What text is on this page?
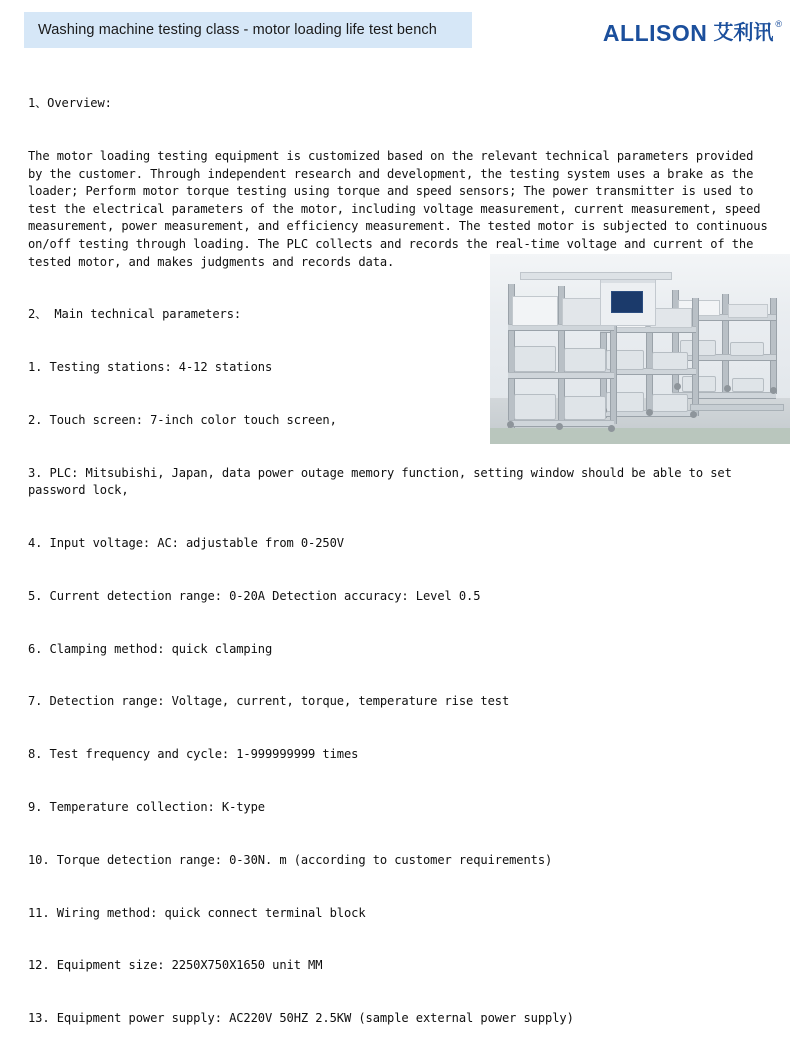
Washing machine testing class - motor loading life test bench	ALLISON 艾利讯 ®

1、Overview:

The motor loading testing equipment is customized based on the relevant technical parameters provided by the customer. Through independent research and development, the testing system uses a brake as the loader; Perform motor torque testing using torque and speed sensors; The power transmitter is used to test the electrical parameters of the motor, including voltage measurement, current measurement, speed measurement, power measurement, and efficiency measurement. The tested motor is subjected to continuous on/off testing through loading. The PLC collects and records the real-time voltage and current of the tested motor, and makes judgments and records data.

2、 Main technical parameters:

1. Testing stations: 4-12 stations

2. Touch screen: 7-inch color touch screen,

3. PLC: Mitsubishi, Japan, data power outage memory function, setting window should be able to set password lock,

4. Input voltage: AC: adjustable from 0-250V

5. Current detection range: 0-20A Detection accuracy: Level 0.5

6. Clamping method: quick clamping

7. Detection range: Voltage, current, torque, temperature rise test

8. Test frequency and cycle: 1-999999999 times

9. Temperature collection: K-type

10. Torque detection range: 0-30N. m (according to customer requirements)

11. Wiring method: quick connect terminal block

12. Equipment size: 2250X750X1650 unit MM

13. Equipment power supply: AC220V 50HZ 2.5KW (sample external power supply)
